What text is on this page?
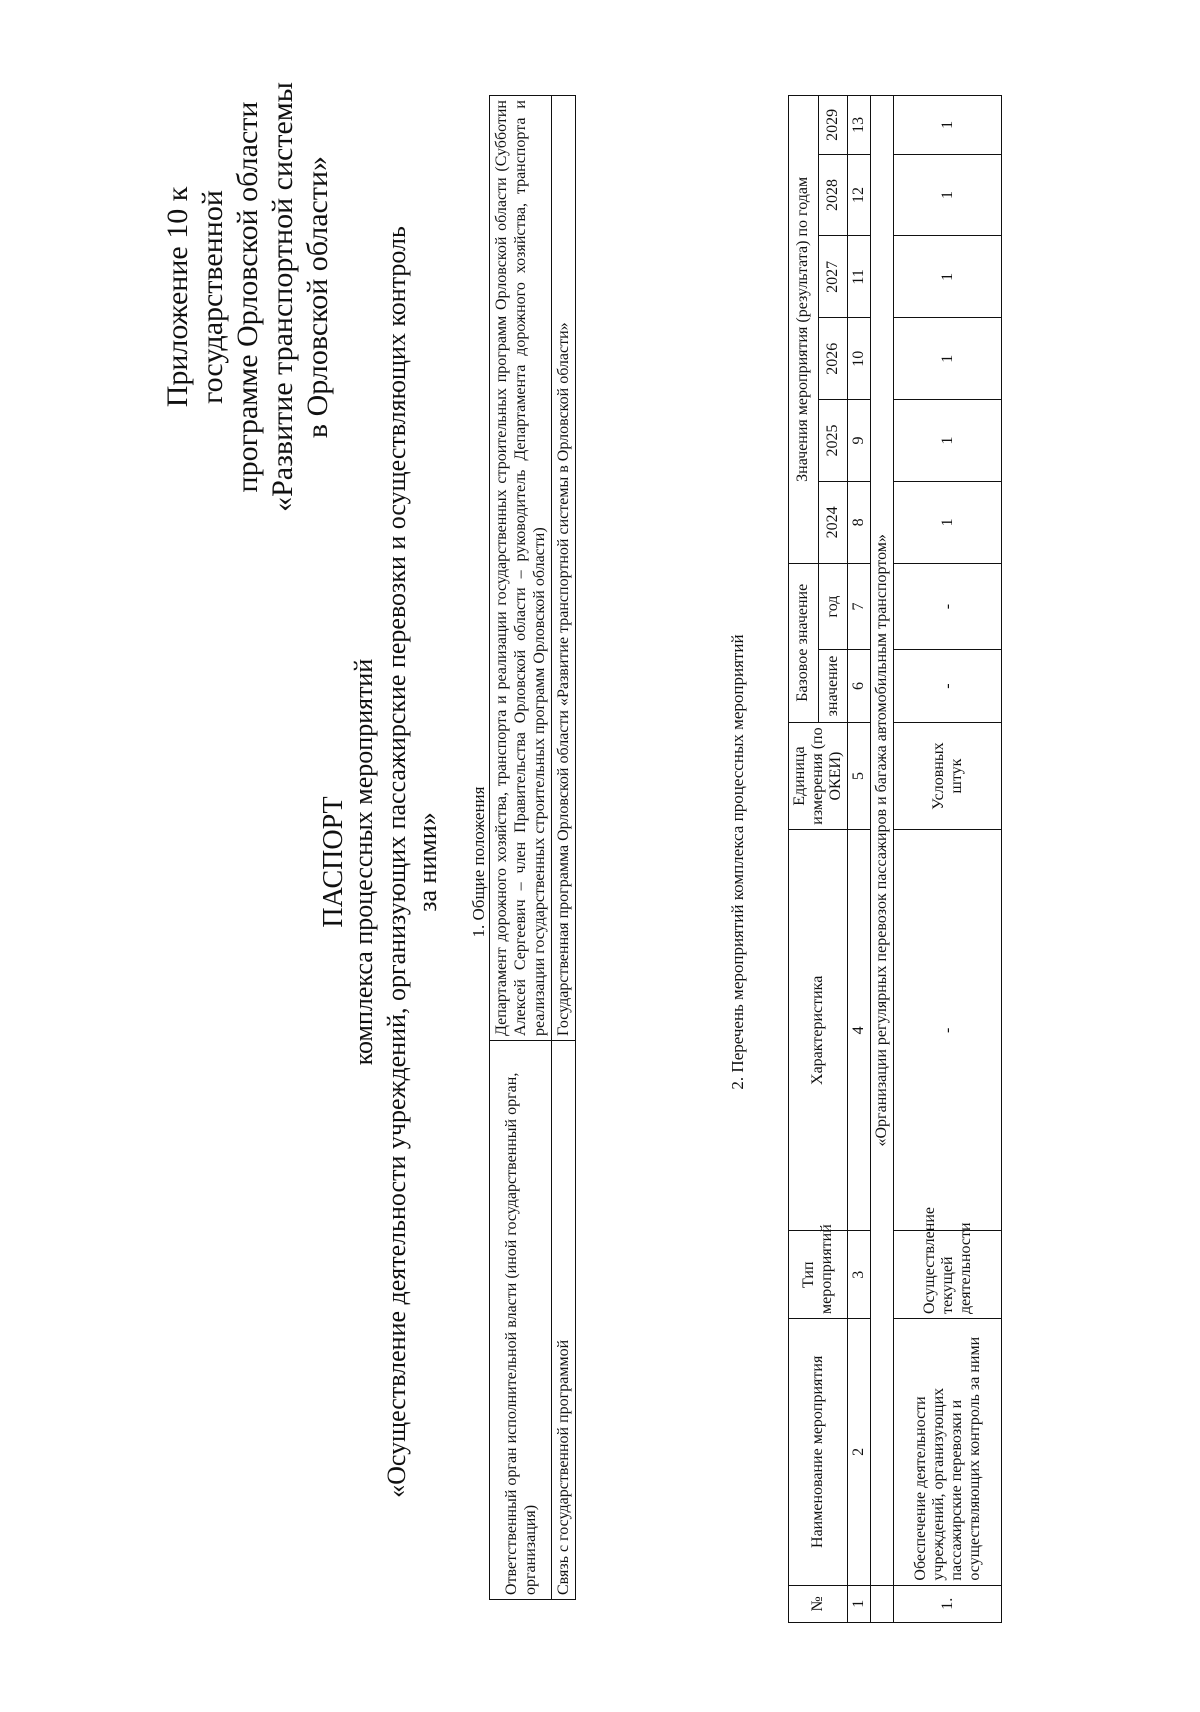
Приложение 10 к государственной программе Орловской области «Развитие транспортной системы в Орловской области»
ПАСПОРТ комплекса процессных мероприятий «Осуществление деятельности учреждений, организующих пассажирские перевозки и осуществляющих контроль за ними» 1. Общие положения
Ответственный орган исполнительной власти (иной государственный орган, организация)	Департамент дорожного хозяйства, транспорта и реализации государственных строительных программ Орловской области (Субботин Алексей Сергеевич – член Правительства Орловской области – руководитель Департамента дорожного хозяйства, транспорта и реализации государственных строительных программ Орловской области)
Связь с государственной программой	Государственная программа Орловской области «Развитие транспортной системы в Орловской области»	2. Перечень мероприятий комплекса процессных мероприятий
№	Наименование мероприятия	Тип мероприятий	Характеристика	Единица измерения (по ОКЕИ)	Базовое значение		Значения мероприятия (результата) по годам					
					значение	год	2024	2025	2026	2027	2028	2029
1	2	3	4	5	6	7	8	9	10	11	12	13
	«Организации регулярных перевозок пассажиров и багажа автомобильным транспортом»											
1.	Обеспечение деятельности учреждений, организующих пассажирские перевозки и осуществляющих контроль за ними	Осуществление текущей деятельности	-	Условных штук	-	-	1	1	1	1	1	1
